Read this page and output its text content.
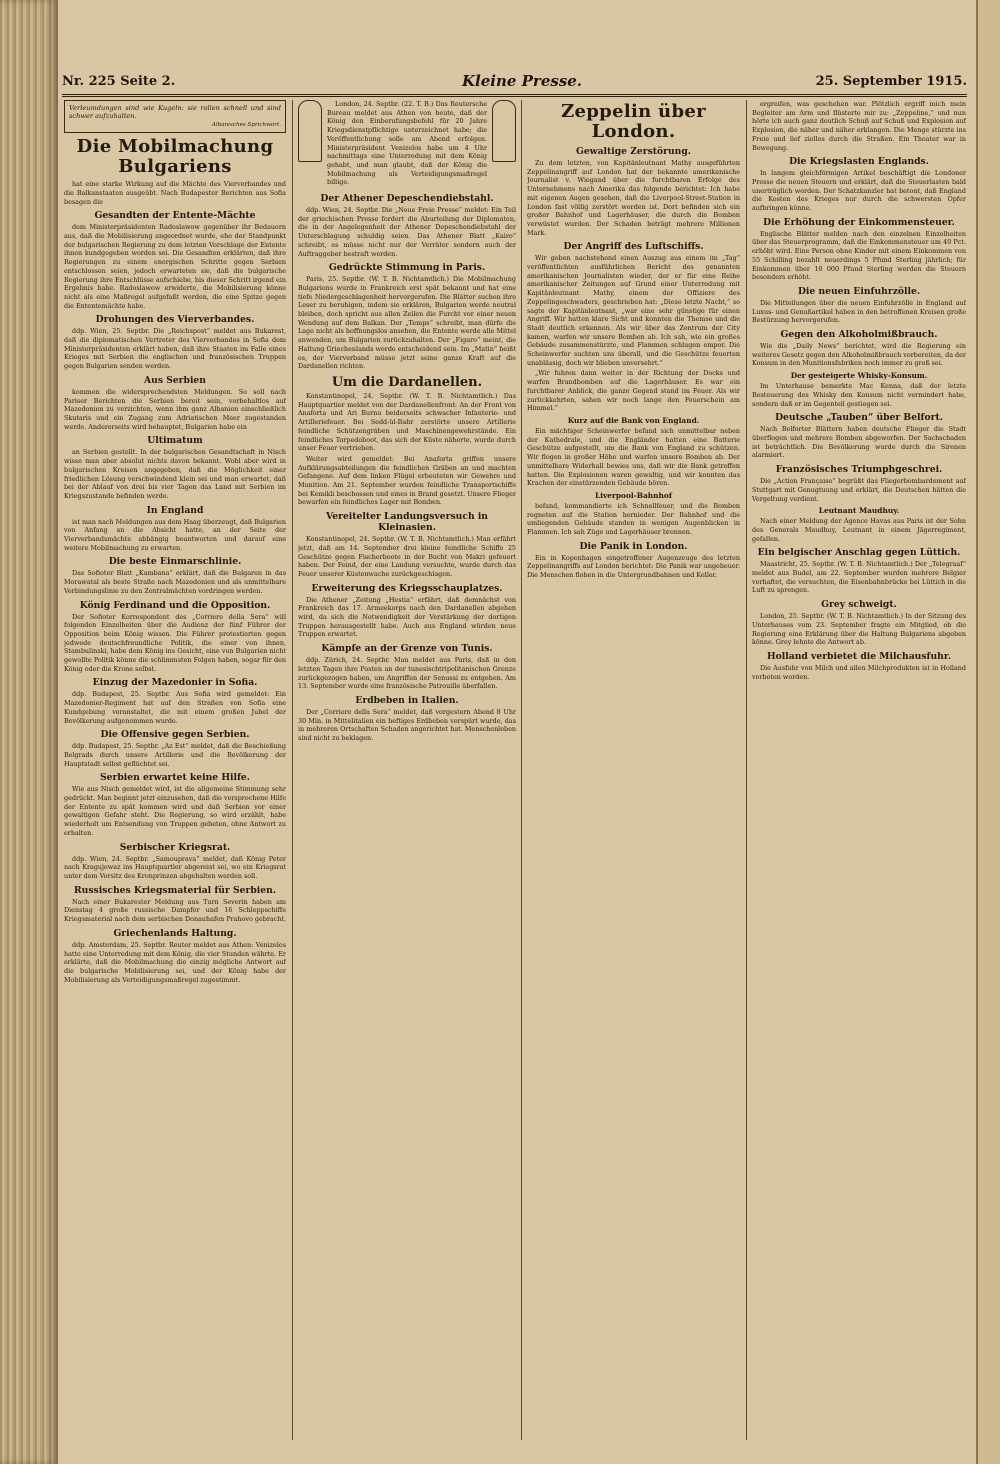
Nr. 225 Seite 2.	Kleine Presse.	25. September 1915.
Verleumdungen sind wie Kugeln: sie rollen schnell und sind schwer aufzuhalten.
Albanisches Sprichwort.
Die Mobilmachung Bulgariens

hat eine starke Wirkung auf die Mächte des Vierverbandes und die Balkanstaaten ausgeübt. Nach Budapester Berichten aus Sofia besagen die

Gesandten der Entente-Mächte

dem Ministerpräsidenten Radoslawow gegenüber ihr Bedauern aus, daß die Mobilisierung angeordnet wurde, ehe der Standpunkt der bulgarischen Regierung zu dem letzten Vorschlage der Entente ihnen kundgegeben worden sei. Die Gesandten erklärten, daß ihre Regierungen zu einem energischen Schritte gegen Serbien entschlossen seien, jedoch erwarteten sie, daß die bulgarische Regierung ihre Entschlüsse aufschiebe, bis dieser Schritt irgend ein Ergebnis habe. Radoslawow erwiderte, die Mobilisierung könne nicht als eine Maßregel aufgefaßt werden, die eine Spitze gegen die Ententemächte habe.

Drohungen des Vierverbandes.

ddp. Wien, 25. Septbr. Die „Reichspost“ meldet aus Bukarest, daß die diplomatischen Vertreter des Vierverbandes in Sofia dem Ministerpräsidenten erklärt haben, daß ihre Staaten im Falle eines Krieges mit Serbien die englischen und französischen Truppen gegen Bulgarien senden werden.

Aus Serbien

kommen die widersprechendsten Meldungen. So soll nach Pariser Berichten die Serbien bereit sein, vorbehaltlos auf Mazedonien zu verzichten, wenn ihm ganz Albanien einschließlich Skutaris und ein Zugang zum Adriatischen Meer zugestanden werde. Andererseits wird behauptet, Bulgarien habe ein

Ultimatum

an Serbien gestellt. In der bulgarischen Gesandtschaft in Nisch wisse man aber absolut nichts davon bekannt. Wohl aber wird in bulgarischen Kreisen angegeben, daß die Möglichkeit einer friedlichen Lösung verschwindend klein sei und man erwartet, daß bei der Ablauf von drei bis vier Tagen das Land mit Serbien im Kriegszustande befinden werde.

In England

ist man nach Meldungen aus dem Haag überzeugt, daß Bulgarien von Anfang an die Absicht hatte, an der Seite der Vierverbandsmächte abhängig beantworten und darauf eine weitere Mobilmachung zu erwarten.

Die beste Einmarschlinie.

Das Sofioter Blatt „Kambana“ erklärt, daß die Bulgaren in das Morawatal als beste Straße nach Mazedonien und als unmittelbare Verbindungslinie zu den Zentralmächten vordringen werden.

König Ferdinand und die Opposition.

Der Sofioter Korrespondent des „Corriere della Sera“ will folgenden Einzelheiten über die Audienz der fünf Führer der Opposition beim König wissen. Die Führer protestierten gegen jedwede deutschfreundliche Politik, die einer von ihnen, Stambulinski, habe dem König ins Gesicht, eine von Bulgarien nicht gewollte Politik könne die schlimmsten Folgen haben, sogar für den König oder die Krone selbst.

Einzug der Mazedonier in Sofia.

ddp. Budapest, 25. Septbr. Aus Sofia wird gemeldet: Ein Mazedonier-Regiment hat auf den Straßen von Sofia eine Kundgebung veranstaltet, die mit einem großen Jubel der Bevölkerung aufgenommen wurde.

Die Offensive gegen Serbien.

ddp. Budapest, 25. Septbr. „Az Est“ meldet, daß die Beschießung Belgrads durch unsere Artillerie und die Bevölkerung der Hauptstadt selbst geflüchtet sei.

Serbien erwartet keine Hilfe.

Wie aus Nisch gemeldet wird, ist die allgemeine Stimmung sehr gedrückt. Man beginnt jetzt einzusehen, daß die versprochene Hilfe der Entente zu spät kommen wird und daß Serbien vor einer gewaltigen Gefahr steht. Die Regierung, so wird erzählt, habe wiederholt um Entsendung von Truppen gebeten, ohne Antwort zu erhalten.

Serbischer Kriegsrat.

ddp. Wien, 24. Septbr. „Samouprava“ meldet, daß König Peter nach Kragujewaz ins Hauptquartier abgereist sei, wo ein Kriegsrat unter dem Vorsitz des Kronprinzen abgehalten werden soll.

Russisches Kriegsmaterial für Serbien.

Nach einer Bukarester Meldung aus Turn Severin haben am Dienstag 4 große russische Dampfer und 16 Schleppschiffe Kriegsmaterial nach dem serbischen Donauhafen Prahovo gebracht.

Griechenlands Haltung.

ddp. Amsterdam, 25. Septbr. Reuter meldet aus Athen: Venizelos hatte eine Unterredung mit dem König, die vier Stunden währte. Er erklärte, daß die Mobilmachung die einzig mögliche Antwort auf die bulgarische Mobilisierung sei, und der König habe der Mobilisierung als Verteidigungsmaßregel zugestimmt.

London, 24. Septbr. (22. T. B.) Das Reutersche Bureau meldet aus Athen von heute, daß der König den Einberufungsbefehl für 20 Jahre Kriegsdienstpflichtige unterzeichnet habe; die Veröffentlichung solle am Abend erfolgen. Ministerpräsident Venizelos habe um 4 Uhr nachmittags eine Unterredung mit dem König gehabt, und man glaubt, daß der König die Mobilmachung als Verteidigungsmaßregel billige.

Der Athener Depeschendiebstahl.

ddp. Wien, 24. Septbr. Die „Neue Freie Presse“ meldet: Ein Teil der griechischen Presse fordert die Aburteilung der Diplomaten, die in der Angelegenheit der Athener Depeschendiebstahl der Unterschlagung schuldig seien. Das Athener Blatt „Kairo“ schreibt, es müsse nicht nur der Verräter sondern auch der Auftraggeber bestraft werden.

Gedrückte Stimmung in Paris.

Paris, 25. Septbr. (W. T. B. Nichtamtlich.) Die Mobilmachung Bulgariens wurde in Frankreich erst spät bekannt und hat eine tiefe Niedergeschlagenheit hervorgerufen. Die Blätter suchen ihre Leser zu beruhigen, indem sie erklären, Bulgarien werde neutral bleiben, doch spricht aus allen Zeilen die Furcht vor einer neuen Wendung auf dem Balkan. Der „Temps“ schreibt, man dürfe die Lage nicht als hoffnungslos ansehen, die Entente werde alle Mittel anwenden, um Bulgarien zurückzuhalten. Der „Figaro“ meint, die Haltung Griechenlands werde entscheidend sein. Im „Matin“ heißt es, der Vierverband müsse jetzt seine ganze Kraft auf die Dardanellen richten.

Um die Dardanellen.

Konstantinopel, 24. Septbr. (W. T. B. Nichtamtlich.) Das Hauptquartier meldet von der Dardanellenfront: An der Front von Anaforta und Ari Burnu beiderseits schwacher Infanterie- und Artilleriefeuer. Bei Sedd-ül-Bahr zerstörte unsere Artillerie feindliche Schützengräben und Maschinengewehrstände. Ein feindliches Torpedoboot, das sich der Küste näherte, wurde durch unser Feuer vertrieben.

Weiter wird gemeldet: Bei Anaforta griffen unsere Aufklärungsabteilungen die feindlichen Gräben an und machten Gefangene. Auf dem linken Flügel erbeuteten wir Gewehre und Munition. Am 21. September wurden feindliche Transportschiffe bei Kemikli beschossen und eines in Brand gesetzt. Unsere Flieger bewarfen ein feindliches Lager mit Bomben.

Vereitelter Landungsversuch in Kleinasien.

Konstantinopel, 24. Septbr. (W. T. B. Nichtamtlich.) Man erfährt jetzt, daß am 14. September drei kleine feindliche Schiffe 25 Geschütze gegen Fischerboote in der Bucht von Makri gefeuert haben. Der Feind, der eine Landung versuchte, wurde durch das Feuer unserer Küstenwache zurückgeschlagen.

Erweiterung des Kriegsschauplatzes.

Die Athener „Zeitung „Hestia“ erfährt, daß demnächst von Frankreich das 17. Armeekorps nach den Dardanellen abgehen wird, da sich die Notwendigkeit der Verstärkung der dortigen Truppen herausgestellt habe. Auch aus England würden neue Truppen erwartet.

Kämpfe an der Grenze von Tunis.

ddp. Zürich, 24. Septbr. Man meldet aus Paris, daß in den letzten Tagen ihre Posten an der tunesischtripolitanischen Grenze zurückgezogen haben, um Angriffen der Senussi zu entgehen. Am 13. September wurde eine französische Patrouille überfallen.

Erdbeben in Italien.

Der „Corriere della Sera“ meldet, daß vorgestern Abend 8 Uhr 30 Min. in Mittelitalien ein heftiges Erdbeben verspürt wurde, das in mehreren Ortschaften Schaden angerichtet hat. Menschenleben sind nicht zu beklagen.

Zeppelin über London.
Gewaltige Zerstörung.

Zu dem letzten, von Kapitänleutnant Mathy ausgeführten Zeppelinangriff auf London hat der bekannte amerikanische Journalist v. Wiegand über die furchtbaren Erfolge des Unternehmens nach Amerika das folgende berichtet: Ich habe mit eigenen Augen gesehen, daß die Liverpool-Street-Station in London fast völlig zerstört worden ist. Dort befinden sich ein großer Bahnhof und Lagerhäuser, die durch die Bomben verwüstet wurden. Der Schaden beträgt mehrere Millionen Mark.

Der Angriff des Luftschiffs.

Wir geben nachstehend einen Auszug aus einem im „Tag“ veröffentlichten ausführlichen Bericht des genannten amerikanischen Journalisten wieder, der er für eine Reihe amerikanischer Zeitungen auf Grund einer Unterredung mit Kapitänleutnant Mathy, einem der Offiziere des Zeppelingeschwaders, geschrieben hat: „Diese letzte Nacht,“ so sagte der Kapitänleutnant, „war eine sehr günstige für einen Angriff. Wir hatten klare Sicht und konnten die Themse und die Stadt deutlich erkennen. Als wir über das Zentrum der City kamen, warfen wir unsere Bomben ab. Ich sah, wie ein großes Gebäude zusammenstürzte, und Flammen schlugen empor. Die Scheinwerfer suchten uns überall, und die Geschütze feuerten unablässig, doch wir blieben unversehrt.“

„Wir fuhren dann weiter in der Richtung der Docks und warfen Brandbomben auf die Lagerhäuser. Es war ein furchtbarer Anblick, die ganze Gegend stand im Feuer. Als wir zurückkehrten, sahen wir noch lange den Feuerschein am Himmel.“

Kurz auf die Bank von England.

Ein mächtiger Scheinwerfer befand sich unmittelbar neben der Kathedrale, und die Engländer hatten eine Batterie Geschütze aufgestellt, um die Bank von England zu schützen. Wir flogen in großer Höhe und warfen unsere Bomben ab. Der unmittelbare Widerhall bewies uns, daß wir die Bank getroffen hatten. Die Explosionen waren gewaltig, und wir konnten das Krachen der einstürzenden Gebäude hören.

Liverpool-Bahnhof

befand, kommandierte ich Schnellfeuer, und die Bomben regneten auf die Station hernieder. Der Bahnhof und die umliegenden Gebäude standen in wenigen Augenblicken in Flammen. Ich sah Züge und Lagerhäuser brennen.

Die Panik in London.

Ein in Kopenhagen eingetroffener Augenzeuge des letzten Zeppelinangriffs auf London berichtet: Die Panik war ungeheuer. Die Menschen flohen in die Untergrundbahnen und Keller.

ergreifen, was geschehen war. Plötzlich ergriff mich mein Begleiter am Arm und flüsterte mir zu: „Zeppeline,“ und nun hörte ich auch ganz deutlich Schuß auf Schuß und Explosion auf Explosion, die näher und näher erklangen. Die Menge stürzte ins Freie und lief ziellos durch die Straßen. Ein Theater war in Bewegung.

Die Kriegslasten Englands.

In langem gleichförmigen Artikel beschäftigt die Londoner Presse die neuen Steuern und erklärt, daß die Steuerlasten bald unerträglich werden. Der Schatzkanzler hat betont, daß England die Kosten des Krieges nur durch die schwersten Opfer aufbringen könne.

Die Erhöhung der Einkommensteuer.

Englische Blätter melden nach den einzelnen Einzelheiten über das Steuerprogramm, daß die Einkommensteuer um 40 Pct. erhöht wird. Eine Person ohne Kinder mit einem Einkommen von 55 Schilling bezahlt neuerdings 5 Pfund Sterling jährlich; für Einkommen über 10 000 Pfund Sterling werden die Steuern besonders erhöht.

Die neuen Einfuhrzölle.

Die Mitteilungen über die neuen Einfuhrzölle in England auf Luxus- und Genußartikel haben in den betroffenen Kreisen große Bestürzung hervorgerufen.

Gegen den Alkoholmißbrauch.

Wie die „Daily News“ berichtet, wird die Regierung ein weiteres Gesetz gegen den Alkoholmißbrauch vorbereiten, da der Konsum in den Munitionsfabriken noch immer zu groß sei.

Der gesteigerte Whisky-Konsum.

Im Unterhause bemerkte Mac Kenna, daß der letzte Besteuerung des Whisky den Konsum nicht vermindert habe, sondern daß er im Gegenteil gestiegen sei.

Deutsche „Tauben“ über Belfort.

Nach Belforter Blättern haben deutsche Flieger die Stadt überflogen und mehrere Bomben abgeworfen. Der Sachschaden ist beträchtlich. Die Bevölkerung wurde durch die Sirenen alarmiert.

Französisches Triumphgeschrei.

Die „Action Française“ begrüßt das Fliegerbombardement auf Stuttgart mit Genugtuung und erklärt, die Deutschen hätten die Vergeltung verdient.

Leutnant Maudhuy.

Nach einer Meldung der Agence Havas aus Paris ist der Sohn des Generals Maudhuy, Leutnant in einem Jägerregiment, gefallen.

Ein belgischer Anschlag gegen Lüttich.

Maastricht, 25. Septbr. (W. T. B. Nichtamtlich.) Der „Telegraaf“ meldet aus Budel, am 22. September wurden mehrere Belgier verhaftet, die versuchten, die Eisenbahnbrücke bei Lüttich in die Luft zu sprengen.

Grey schweigt.

London, 25. Septbr. (W. T. B. Nichtamtlich.) In der Sitzung des Unterhauses vom 23. September fragte ein Mitglied, ob die Regierung eine Erklärung über die Haltung Bulgariens abgeben könne. Grey lehnte die Antwort ab.

Holland verbietet die Milchausfuhr.

Die Ausfuhr von Milch und allen Milchprodukten ist in Holland verboten worden.
